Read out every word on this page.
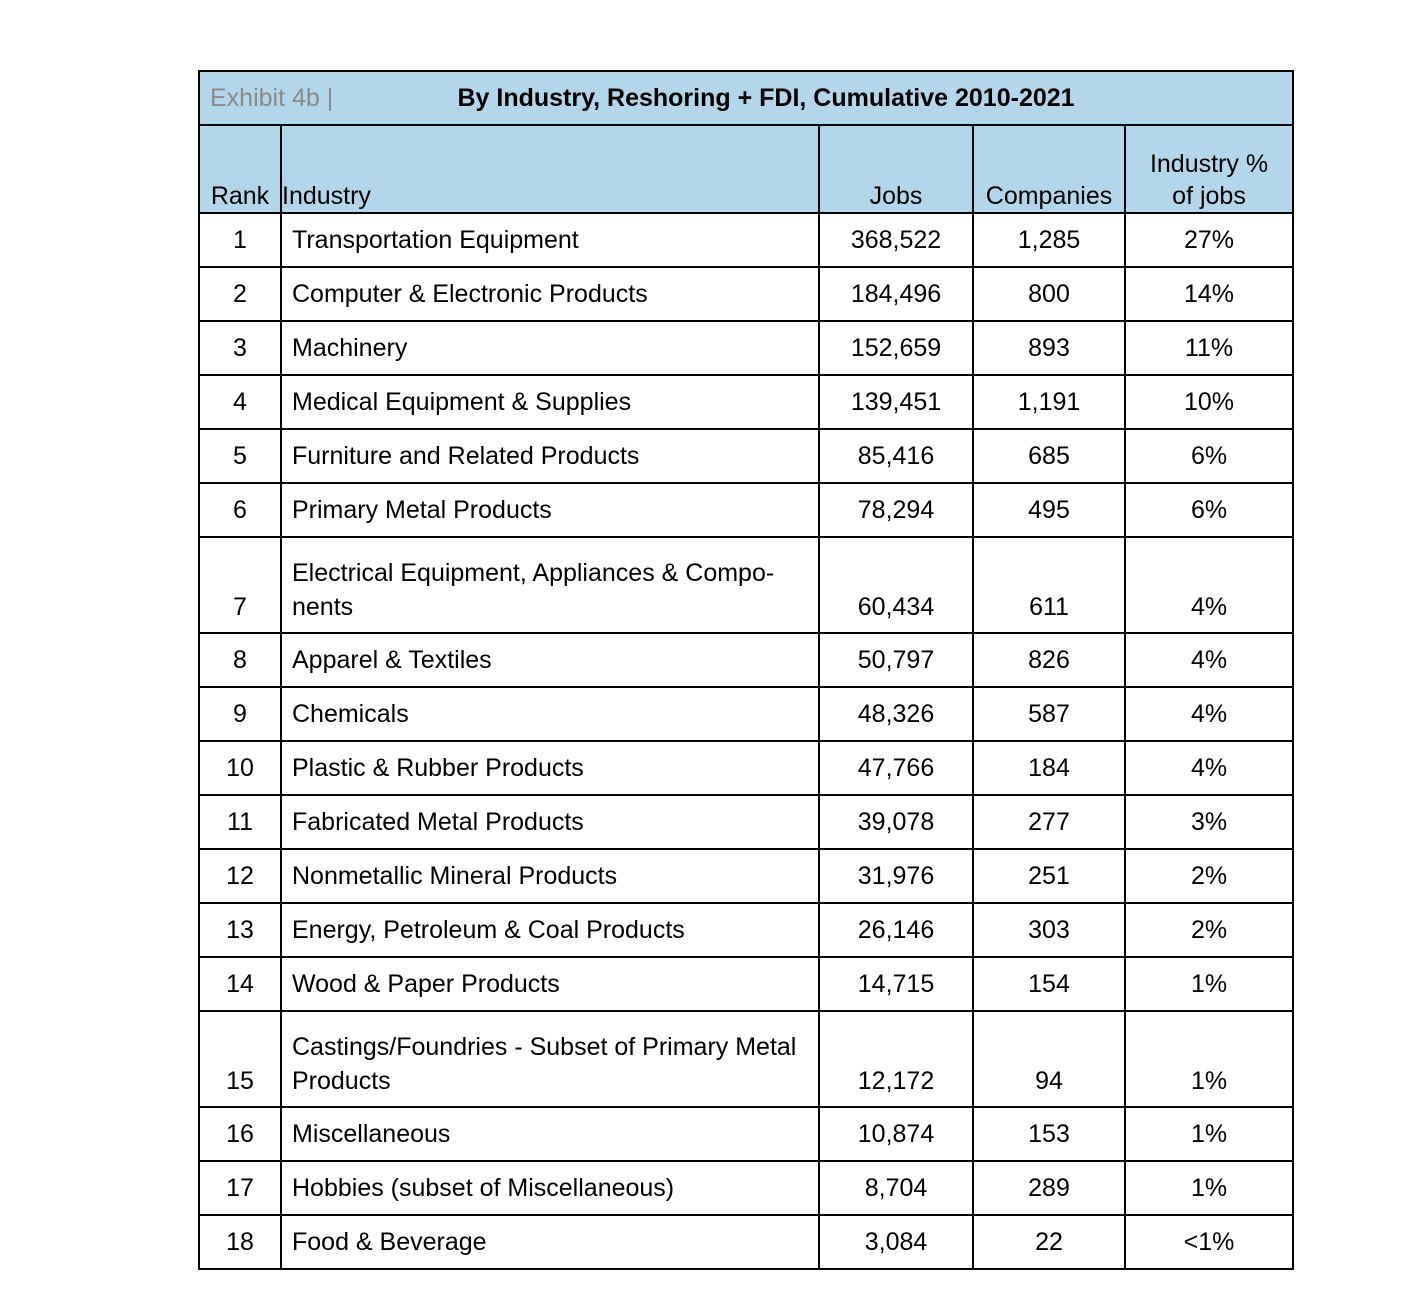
Exhibit 4b | By Industry, Reshoring + FDI, Cumulative 2010-2021				

Rank	Industry	Jobs	Companies	Industry %
of jobs

1	Transportation Equipment	368,522	1,285	27%
2	Computer & Electronic Products	184,496	800	14%
3	Machinery	152,659	893	11%
4	Medical Equipment & Supplies	139,451	1,191	10%
5	Furniture and Related Products	85,416	685	6%
6	Primary Metal Products	78,294	495	6%
7	Electrical Equipment, Appliances & Compo-nents	60,434	611	4%
8	Apparel & Textiles	50,797	826	4%
9	Chemicals	48,326	587	4%
10	Plastic & Rubber Products	47,766	184	4%
11	Fabricated Metal Products	39,078	277	3%
12	Nonmetallic Mineral Products	31,976	251	2%
13	Energy, Petroleum & Coal Products	26,146	303	2%
14	Wood & Paper Products	14,715	154	1%
15	Castings/Foundries - Subset of Primary Metal Products	12,172	94	1%
16	Miscellaneous	10,874	153	1%
17	Hobbies (subset of Miscellaneous)	8,704	289	1%
18	Food & Beverage	3,084	22	<1%
